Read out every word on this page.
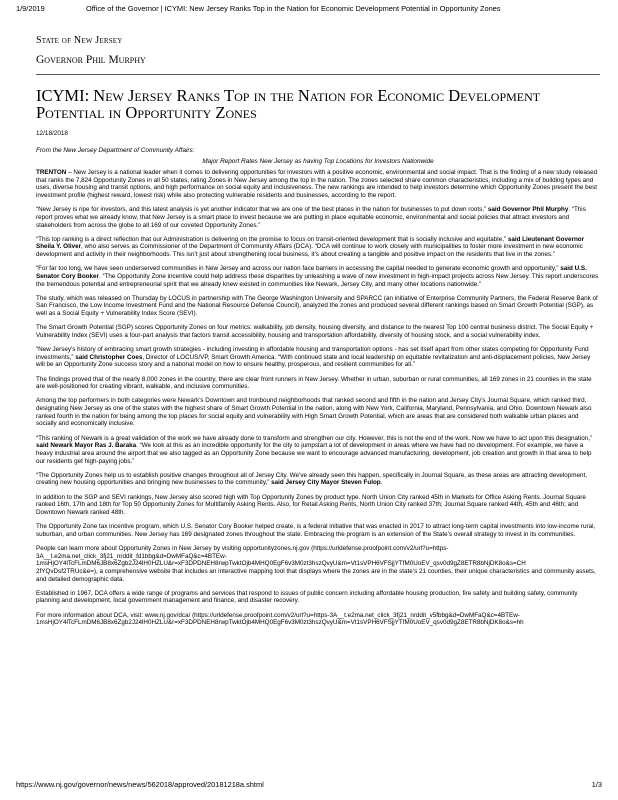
1/9/2019	Office of the Governor | ICYMI: New Jersey Ranks Top in the Nation for Economic Development Potential in Opportunity Zones
State of New Jersey
Governor Phil Murphy
ICYMI: New Jersey Ranks Top in the Nation for Economic Development Potential in Opportunity Zones
12/18/2018
From the New Jersey Department of Community Affairs:
Major Report Rates New Jersey as having Top Locations for Investors Nationwide

TRENTON – New Jersey is a national leader when it comes to delivering opportunities for investors with a positive economic, environmental and social impact. That is the finding of a new study released that ranks the 7,824 Opportunity Zones in all 50 states, rating Zones in New Jersey among the top in the nation. The zones selected share common characteristics, including a mix of building types and uses, diverse housing and transit options, and high performance on social equity and inclusiveness. The new rankings are intended to help investors determine which Opportunity Zones present the best investment profile (highest reward, lowest risk) while also protecting vulnerable residents and businesses, according to the report.

“New Jersey is ripe for investors, and this latest analysis is yet another indicator that we are one of the best places in the nation for businesses to put down roots,” said Governor Phil Murphy. “This report proves what we already know, that New Jersey is a smart place to invest because we are putting in place equitable economic, environmental and social policies that attract investors and stakeholders from across the globe to all 169 of our coveted Opportunity Zones.”

“This top ranking is a direct reflection that our Administration is delivering on the promise to focus on transit-oriented development that is socially inclusive and equitable,” said Lieutenant Governor Sheila Y. Oliver, who also serves as Commissioner of the Department of Community Affairs (DCA). “DCA will continue to work closely with municipalities to foster more investment in new economic development and activity in their neighborhoods. This isn’t just about strengthening local business, it’s about creating a tangible and positive impact on the residents that live in the zones.”

“For far too long, we have seen underserved communities in New Jersey and across our nation face barriers in accessing the capital needed to generate economic growth and opportunity,” said U.S. Senator Cory Booker. “The Opportunity Zone incentive could help address these disparities by unleashing a wave of new investment in high-impact projects across New Jersey. This report underscores the tremendous potential and entrepreneurial spirit that we already knew existed in communities like Newark, Jersey City, and many other locations nationwide.”

The study, which was released on Thursday by LOCUS in partnership with The George Washington University and SPARCC (an initiative of Enterprise Community Partners, the Federal Reserve Bank of San Francisco, the Low Income Investment Fund and the National Resource Defense Council), analyzed the zones and produced several different rankings based on Smart Growth Potential (SGP), as well as a Social Equity + Vulnerability Index Score (SEVI).

The Smart Growth Potential (SGP) scores Opportunity Zones on four metrics: walkability, job density, housing diversity, and distance to the nearest Top 100 central business district. The Social Equity + Vulnerability Index (SEVI) uses a four-part analysis that factors transit accessibility, housing and transportation affordability, diversity of housing stock, and a social vulnerability index.

“New Jersey's history of embracing smart growth strategies - including investing in affordable housing and transportation options - has set itself apart from other states competing for Opportunity Fund investments,” said Christopher Coes, Director of LOCUS/VP, Smart Growth America. “With continued state and local leadership on equitable revitalization and anti-displacement policies, New Jersey will be an Opportunity Zone success story and a national model on how to ensure healthy, prosperous, and resilient communities for all.”

The findings proved that of the nearly 8,000 zones in the country, there are clear front runners in New Jersey. Whether in urban, suburban or rural communities, all 169 zones in 21 counties in the state are well-positioned for creating vibrant, walkable, and inclusive communities.

Among the top performers in both categories were Newark’s Downtown and Ironbound neighborhoods that ranked second and fifth in the nation and Jersey City’s Journal Square, which ranked third, designating New Jersey as one of the states with the highest share of Smart Growth Potential in the nation, along with New York, California, Maryland, Pennsylvania, and Ohio. Downtown Newark also ranked fourth in the nation for being among the top places for social equity and vulnerability with High Smart Growth Potential, which are areas that are considered both walkable urban places and socially and economically inclusive.

“This ranking of Newark is a great validation of the work we have already done to transform and strengthen our city. However, this is not the end of the work. Now we have to act upon this designation,” said Newark Mayor Ras J. Baraka. “We look at this as an incredible opportunity for the city to jumpstart a lot of development in areas where we have had no development. For example, we have a heavy industrial area around the airport that we also tagged as an Opportunity Zone because we want to encourage advanced manufacturing, development, job creation and growth in that area to help our residents get high-paying jobs.”

“The Opportunity Zones help us to establish positive changes throughout all of Jersey City. We’ve already seen this happen, specifically in Journal Square, as these areas are attracting development, creating new housing opportunities and bringing new businesses to the community,” said Jersey City Mayor Steven Fulop.

In addition to the SGP and SEVI rankings, New Jersey also scored high with Top Opportunity Zones by product type. North Union City ranked 45th in Markets for Office Asking Rents. Journal Square ranked 16th, 17th and 18th for Top 50 Opportunity Zones for Multifamily Asking Rents. Also, for Retail Asking Rents, North Union City ranked 37th; Journal Square ranked 44th, 45th and 46th; and Downtown Newark ranked 48th.

The Opportunity Zone tax incentive program, which U.S. Senator Cory Booker helped create, is a federal initiative that was enacted in 2017 to attract long-term capital investments into low-income rural, suburban, and urban communities. New Jersey has 169 designated zones throughout the state. Embracing the program is an extension of the State’s overall strategy to invest in its communities.

People can learn more about Opportunity Zones in New Jersey by visiting opportunityzones.nj.gov (https://urldefense.proofpoint.com/v2/url?u=https-
3A__t.e2ma.net_click_3fj21_nrddit_fd1bbg&d=DwMFaQ&c=4BTEw-
1msHjOY4lTcFLmDM6JB8x6Zgb2J24lH0HZLU&r=xF3DPDNEH8rwpTwktOjb4MHQ0EgF6v3M0zt3hszQvyU&m=Vt1sVPH6VFSjjYTfM0UoEV_qsv0d9gZ8ETR8bNjDK8o&s=CH
2fYQvDsf2TRUc&e=), a comprehensive website that includes an interactive mapping tool that displays where the zones are in the state’s 21 counties, their unique characteristics and community assets, and detailed demographic data.

Established in 1967, DCA offers a wide range of programs and services that respond to issues of public concern including affordable housing production, fire safety and building safety, community planning and development, local government management and finance, and disaster recovery.

For more information about DCA, visit: www.nj.gov/dca/ (https://urldefense.proofpoint.com/v2/url?u=https-3A__t.e2ma.net_click_3fj21_nrddit_v5fbbg&d=DwMFaQ&c=4BTEw-
1msHjOY4lTcFLmDM6JB8x6Zgb2J24lH0HZLU&r=xF3DPDNEH8rwpTwktOjb4MHQ0EgF6v3M0zt3hszQvyU&m=Vt1sVPH6VFSjjYTfM0UoEV_qsv0d9gZ8ETR8bNjDK8o&s=hh

https://www.nj.gov/governor/news/news/562018/approved/20181218a.shtml	1/3
